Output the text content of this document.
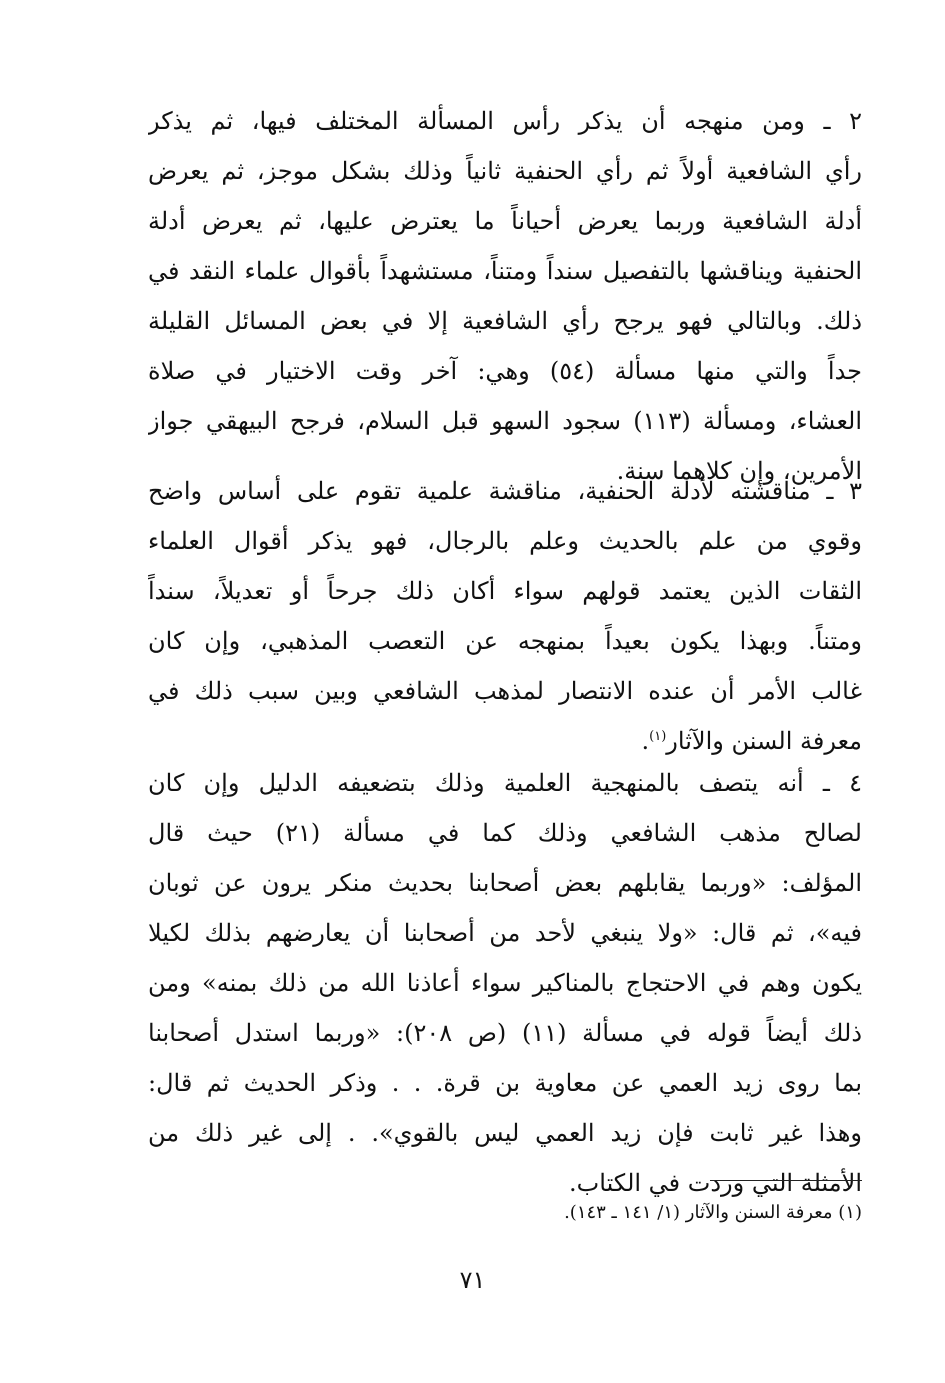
٢ ـ ومن منهجه أن يذكر رأس المسألة المختلف فيها، ثم يذكر
رأي الشافعية أولاً ثم رأي الحنفية ثانياً وذلك بشكل موجز، ثم يعرض
أدلة الشافعية وربما يعرض أحياناً ما يعترض عليها، ثم يعرض أدلة
الحنفية ويناقشها بالتفصيل سنداً ومتناً، مستشهداً بأقوال علماء النقد في
ذلك. وبالتالي فهو يرجح رأي الشافعية إلا في بعض المسائل القليلة
جداً والتي منها مسألة (٥٤) وهي: آخر وقت الاختيار في صلاة
العشاء، ومسألة (١١٣) سجود السهو قبل السلام، فرجح البيهقي جواز
الأمرين، وإن كلاهما سنة.
٣ ـ مناقشته لأدلة الحنفية، مناقشة علمية تقوم على أساس واضح
وقوي من علم بالحديث وعلم بالرجال، فهو يذكر أقوال العلماء
الثقات الذين يعتمد قولهم سواء أكان ذلك جرحاً أو تعديلاً، سنداً
ومتناً. وبهذا يكون بعيداً بمنهجه عن التعصب المذهبي، وإن كان
غالب الأمر أن عنده الانتصار لمذهب الشافعي وبين سبب ذلك في
معرفة السنن والآثار$^{(١)}$.
٤ ـ أنه يتصف بالمنهجية العلمية وذلك بتضعيفه الدليل وإن كان
لصالح مذهب الشافعي وذلك كما في مسألة (٢١) حيث قال
المؤلف: «وربما يقابلهم بعض أصحابنا بحديث منكر يرون عن ثوبان
فيه»، ثم قال: «ولا ينبغي لأحد من أصحابنا أن يعارضهم بذلك لكيلا
يكون وهم في الاحتجاج بالمناكير سواء أعاذنا الله من ذلك بمنه» ومن
ذلك أيضاً قوله في مسألة (١١) (ص ٢٠٨): «وربما استدل أصحابنا
بما روى زيد العمي عن معاوية بن قرة. . . وذكر الحديث ثم قال:
وهذا غير ثابت فإن زيد العمي ليس بالقوي». . إلى غير ذلك من
الأمثلة التي وردت في الكتاب.
(١) معرفة السنن والآثار (١/ ١٤١ ـ ١٤٣).
٧١
